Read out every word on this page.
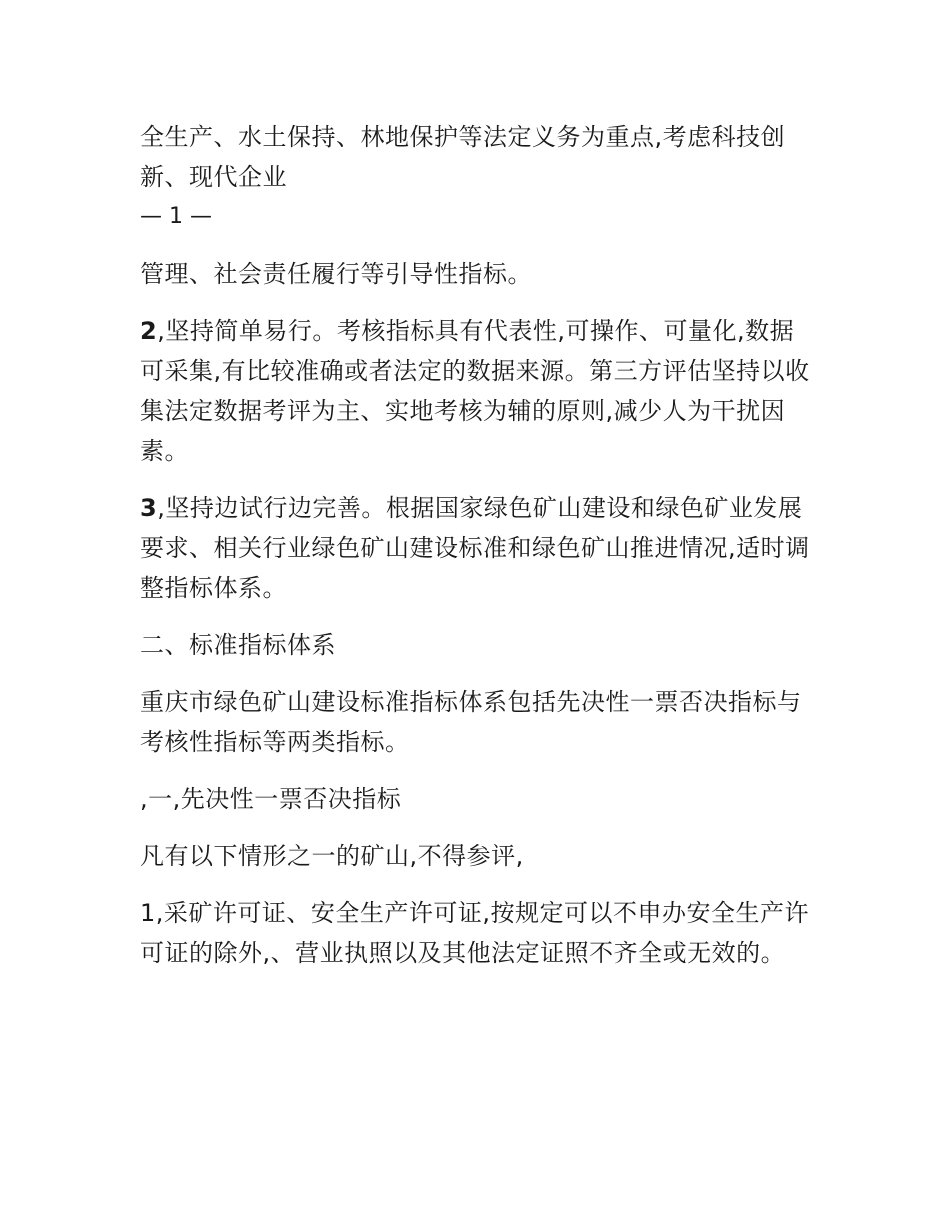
全生产、水土保持、林地保护等法定义务为重点,考虑科技创新、现代企业

— 1 —

管理、社会责任履行等引导性指标。

2,坚持简单易行。考核指标具有代表性,可操作、可量化,数据可采集,有比较准确或者法定的数据来源。第三方评估坚持以收集法定数据考评为主、实地考核为辅的原则,减少人为干扰因素。

3,坚持边试行边完善。根据国家绿色矿山建设和绿色矿业发展要求、相关行业绿色矿山建设标准和绿色矿山推进情况,适时调整指标体系。

二、标准指标体系

重庆市绿色矿山建设标准指标体系包括先决性一票否决指标与考核性指标等两类指标。

,一,先决性一票否决指标

凡有以下情形之一的矿山,不得参评,

1,采矿许可证、安全生产许可证,按规定可以不申办安全生产许可证的除外,、营业执照以及其他法定证照不齐全或无效的。
